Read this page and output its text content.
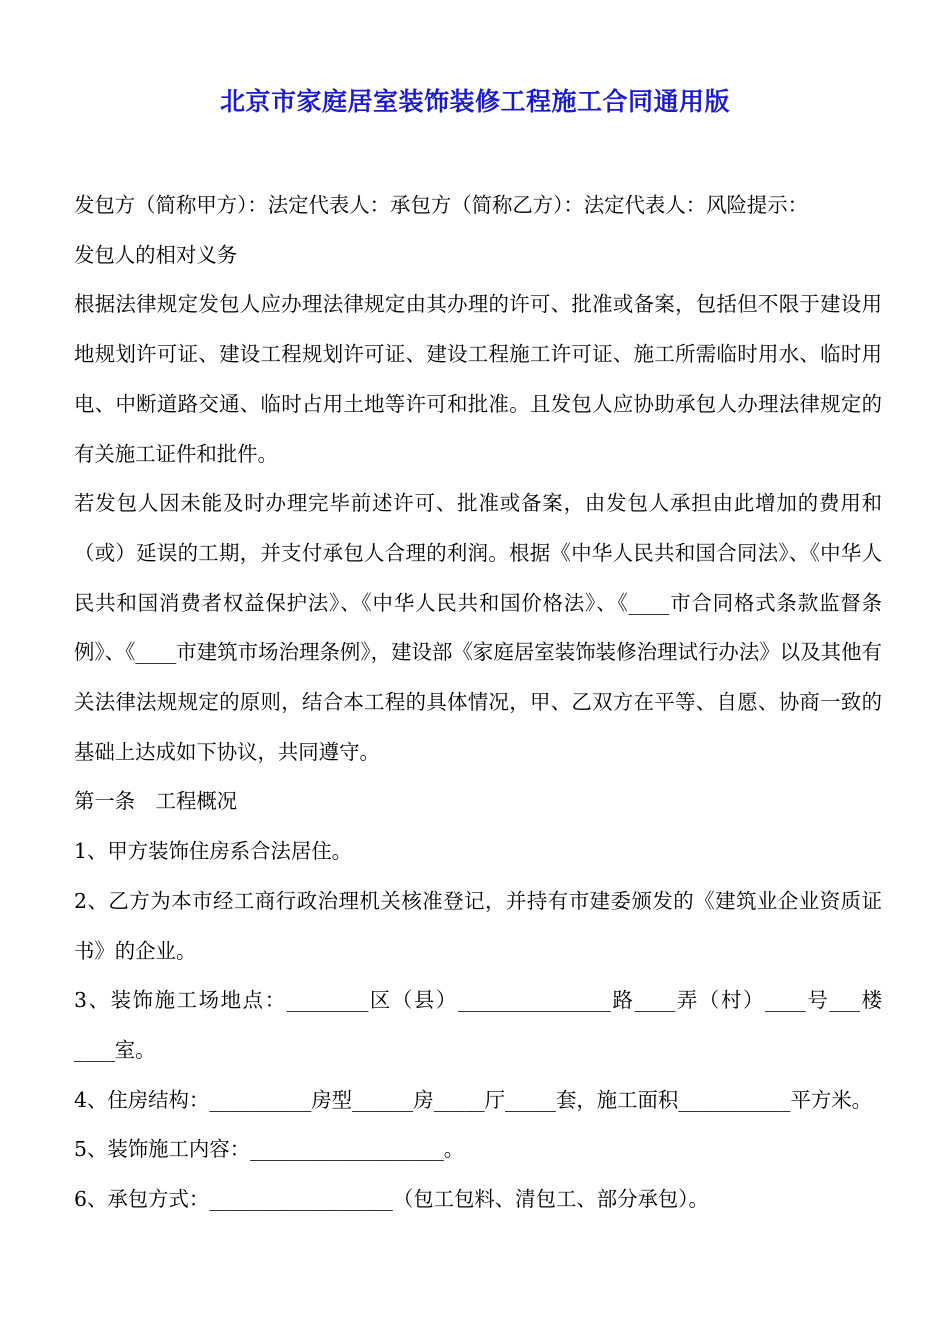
北京市家庭居室装饰装修工程施工合同通用版

发包方（简称甲方）：法定代表人：承包方（简称乙方）：法定代表人：风险提示：

发包人的相对义务

根据法律规定发包人应办理法律规定由其办理的许可、批准或备案，包括但不限于建设用地规划许可证、建设工程规划许可证、建设工程施工许可证、施工所需临时用水、临时用电、中断道路交通、临时占用土地等许可和批准。且发包人应协助承包人办理法律规定的有关施工证件和批件。

若发包人因未能及时办理完毕前述许可、批准或备案，由发包人承担由此增加的费用和（或）延误的工期，并支付承包人合理的利润。根据《中华人民共和国合同法》、《中华人民共和国消费者权益保护法》、《中华人民共和国价格法》、《____市合同格式条款监督条例》、《____市建筑市场治理条例》，建设部《家庭居室装饰装修治理试行办法》以及其他有关法律法规规定的原则，结合本工程的具体情况，甲、乙双方在平等、自愿、协商一致的基础上达成如下协议，共同遵守。

第一条　工程概况

1、甲方装饰住房系合法居住。

2、乙方为本市经工商行政治理机关核准登记，并持有市建委颁发的《建筑业企业资质证书》的企业。

3、装饰施工场地点：________区（县）_______________路____弄（村）____号___楼____室。

4、住房结构：__________房型______房_____厅_____套，施工面积___________平方米。

5、装饰施工内容：___________________。

6、承包方式：__________________（包工包料、清包工、部分承包）。
